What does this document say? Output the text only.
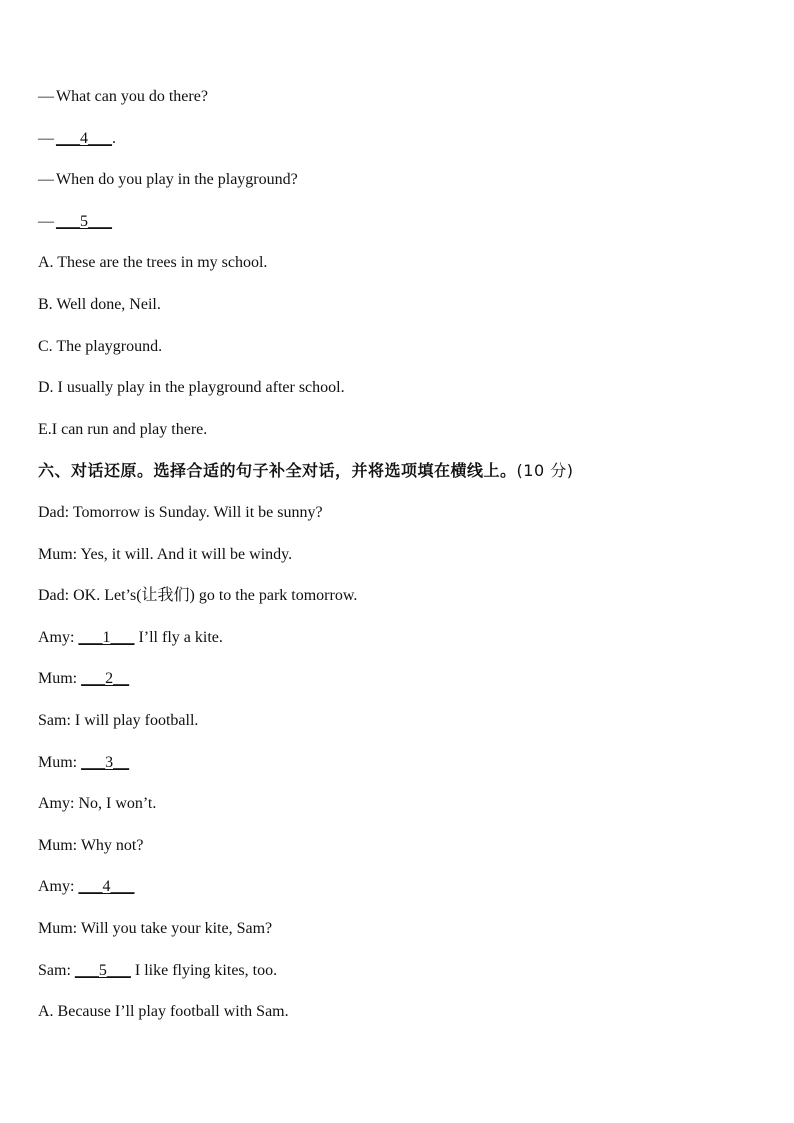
— What can you do there?
— ___4___.
— When do you play in the playground?
— ___5___
A. These are the trees in my school.
B. Well done, Neil.
C. The playground.
D. I usually play in the playground after school.
E.I can run and play there.
六、对话还原。选择合适的句子补全对话，并将选项填在横线上。(10 分)
Dad: Tomorrow is Sunday. Will it be sunny?
Mum: Yes, it will. And it will be windy.
Dad: OK. Let’s(让我们) go to the park tomorrow.
Amy: ___1___ I’ll fly a kite.
Mum: ___2__
Sam: I will play football.
Mum: ___3__
Amy: No, I won’t.
Mum: Why not?
Amy: ___4___
Mum: Will you take your kite, Sam?
Sam: ___5___ I like flying kites, too.
A. Because I’ll play football with Sam.
